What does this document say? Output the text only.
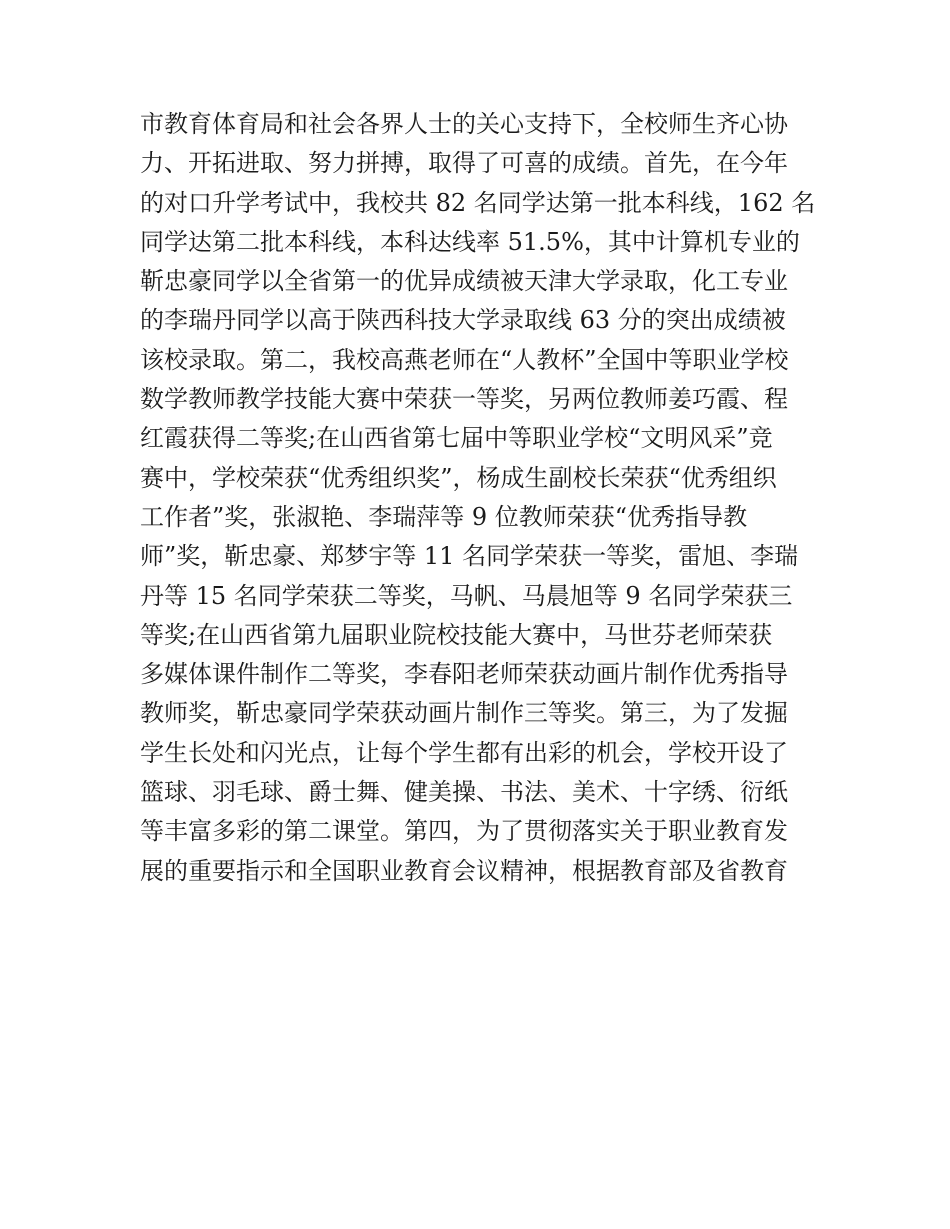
市教育体育局和社会各界人士的关心支持下，全校师生齐心协
力、开拓进取、努力拼搏，取得了可喜的成绩。首先，在今年
的对口升学考试中，我校共 82 名同学达第一批本科线，162 名
同学达第二批本科线，本科达线率 51.5%，其中计算机专业的
靳忠豪同学以全省第一的优异成绩被天津大学录取，化工专业
的李瑞丹同学以高于陕西科技大学录取线 63 分的突出成绩被
该校录取。第二，我校高燕老师在“人教杯”全国中等职业学校
数学教师教学技能大赛中荣获一等奖，另两位教师姜巧霞、程
红霞获得二等奖;在山西省第七届中等职业学校“文明风采”竞
赛中，学校荣获“优秀组织奖”，杨成生副校长荣获“优秀组织
工作者”奖，张淑艳、李瑞萍等 9 位教师荣获“优秀指导教
师”奖，靳忠豪、郑梦宇等 11 名同学荣获一等奖，雷旭、李瑞
丹等 15 名同学荣获二等奖，马帆、马晨旭等 9 名同学荣获三
等奖;在山西省第九届职业院校技能大赛中，马世芬老师荣获
多媒体课件制作二等奖，李春阳老师荣获动画片制作优秀指导
教师奖，靳忠豪同学荣获动画片制作三等奖。第三，为了发掘
学生长处和闪光点，让每个学生都有出彩的机会，学校开设了
篮球、羽毛球、爵士舞、健美操、书法、美术、十字绣、衍纸
等丰富多彩的第二课堂。第四，为了贯彻落实关于职业教育发
展的重要指示和全国职业教育会议精神，根据教育部及省教育
